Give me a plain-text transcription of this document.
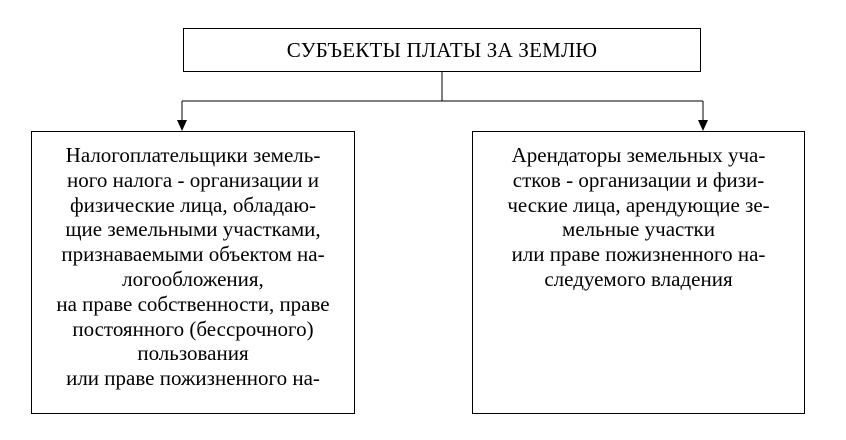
СУБЪЕКТЫ ПЛАТЫ ЗА ЗЕМЛЮ
Налогоплательщики земель-
ного налога - организации и
физические лица, обладаю-
щие земельными участками,
признаваемыми объектом на-
логообложения,
на праве собственности, праве
постоянного (бессрочного)
пользования
или праве пожизненного на-
Арендаторы земельных уча-
стков - организации и физи-
ческие лица, арендующие зе-
мельные участки
или праве пожизненного на-
следуемого владения
